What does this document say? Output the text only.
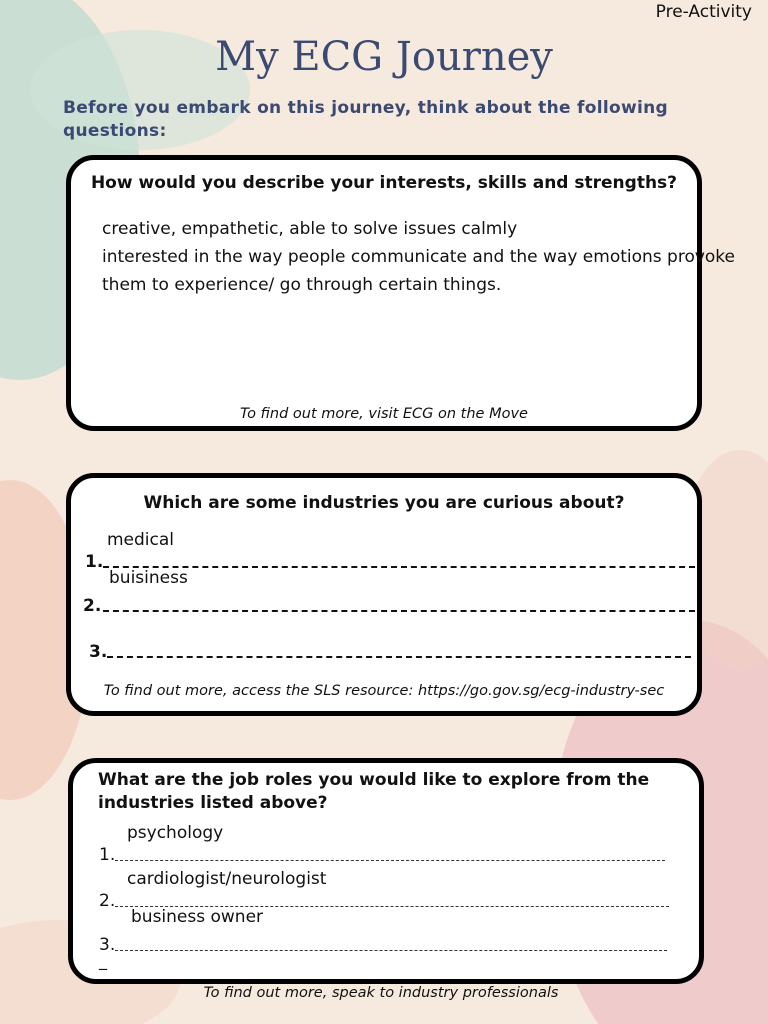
Pre-Activity
My ECG Journey
Before you embark on this journey, think about the following questions:
How would you describe your interests, skills and strengths?
creative, empathetic, able to solve issues calmly
interested in the way people communicate and the way emotions provoke
them to experience/ go through certain things.
To find out more, visit ECG on the Move
Which are some industries you are curious about?
1.
medical
2.
buisiness
3.
To find out more, access the SLS resource: https://go.gov.sg/ecg-industry-sec
What are the job roles you would like to explore from the industries listed above?
1.
psychology
2.
cardiologist/neurologist
3.
business owner
_
To find out more, speak to industry professionals
